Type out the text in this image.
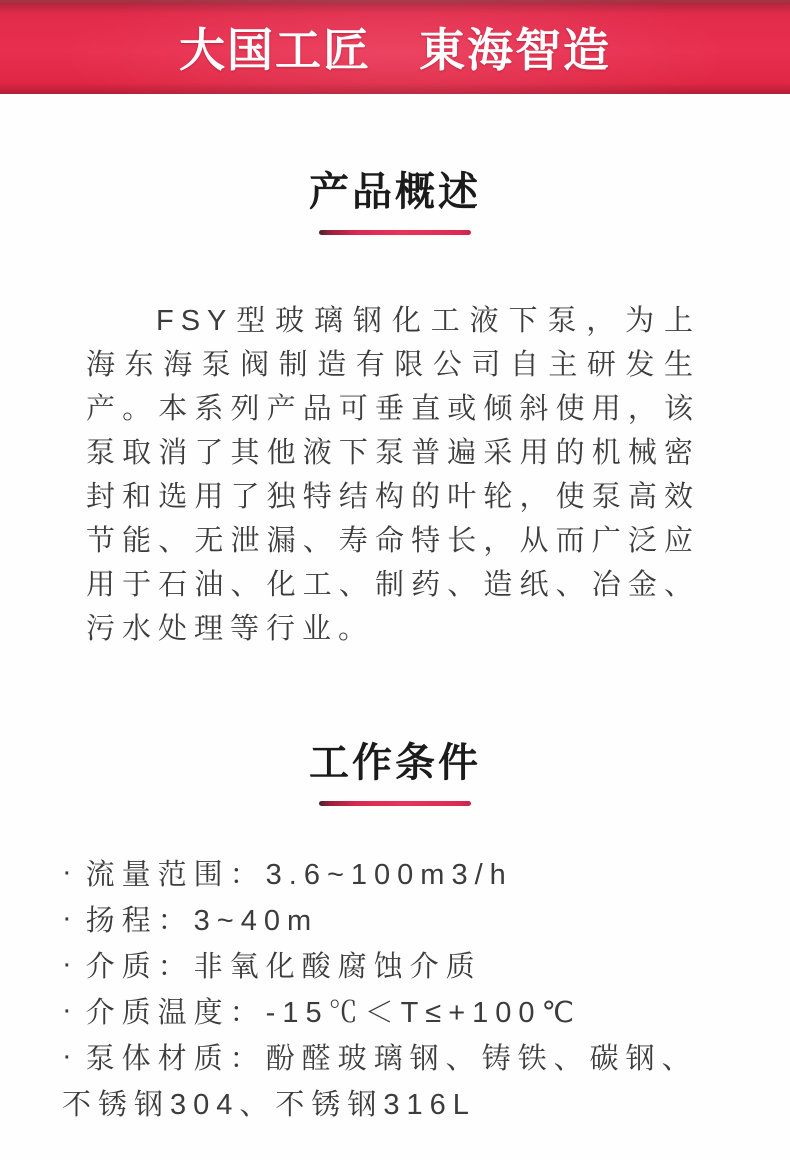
大国工匠　東海智造
产品概述

FSY型玻璃钢化工液下泵，为上海东海泵阀制造有限公司自主研发生产。本系列产品可垂直或倾斜使用，该泵取消了其他液下泵普遍采用的机械密封和选用了独特结构的叶轮，使泵高效节能、无泄漏、寿命特长，从而广泛应用于石油、化工、制药、造纸、冶金、污水处理等行业。

工作条件
· 流量范围：3.6~100m3/h
· 扬程：3~40m
· 介质：非氧化酸腐蚀介质
· 介质温度：-15℃＜T≤+100℃
· 泵体材质：酚醛玻璃钢、铸铁、碳钢、不锈钢304、不锈钢316L
